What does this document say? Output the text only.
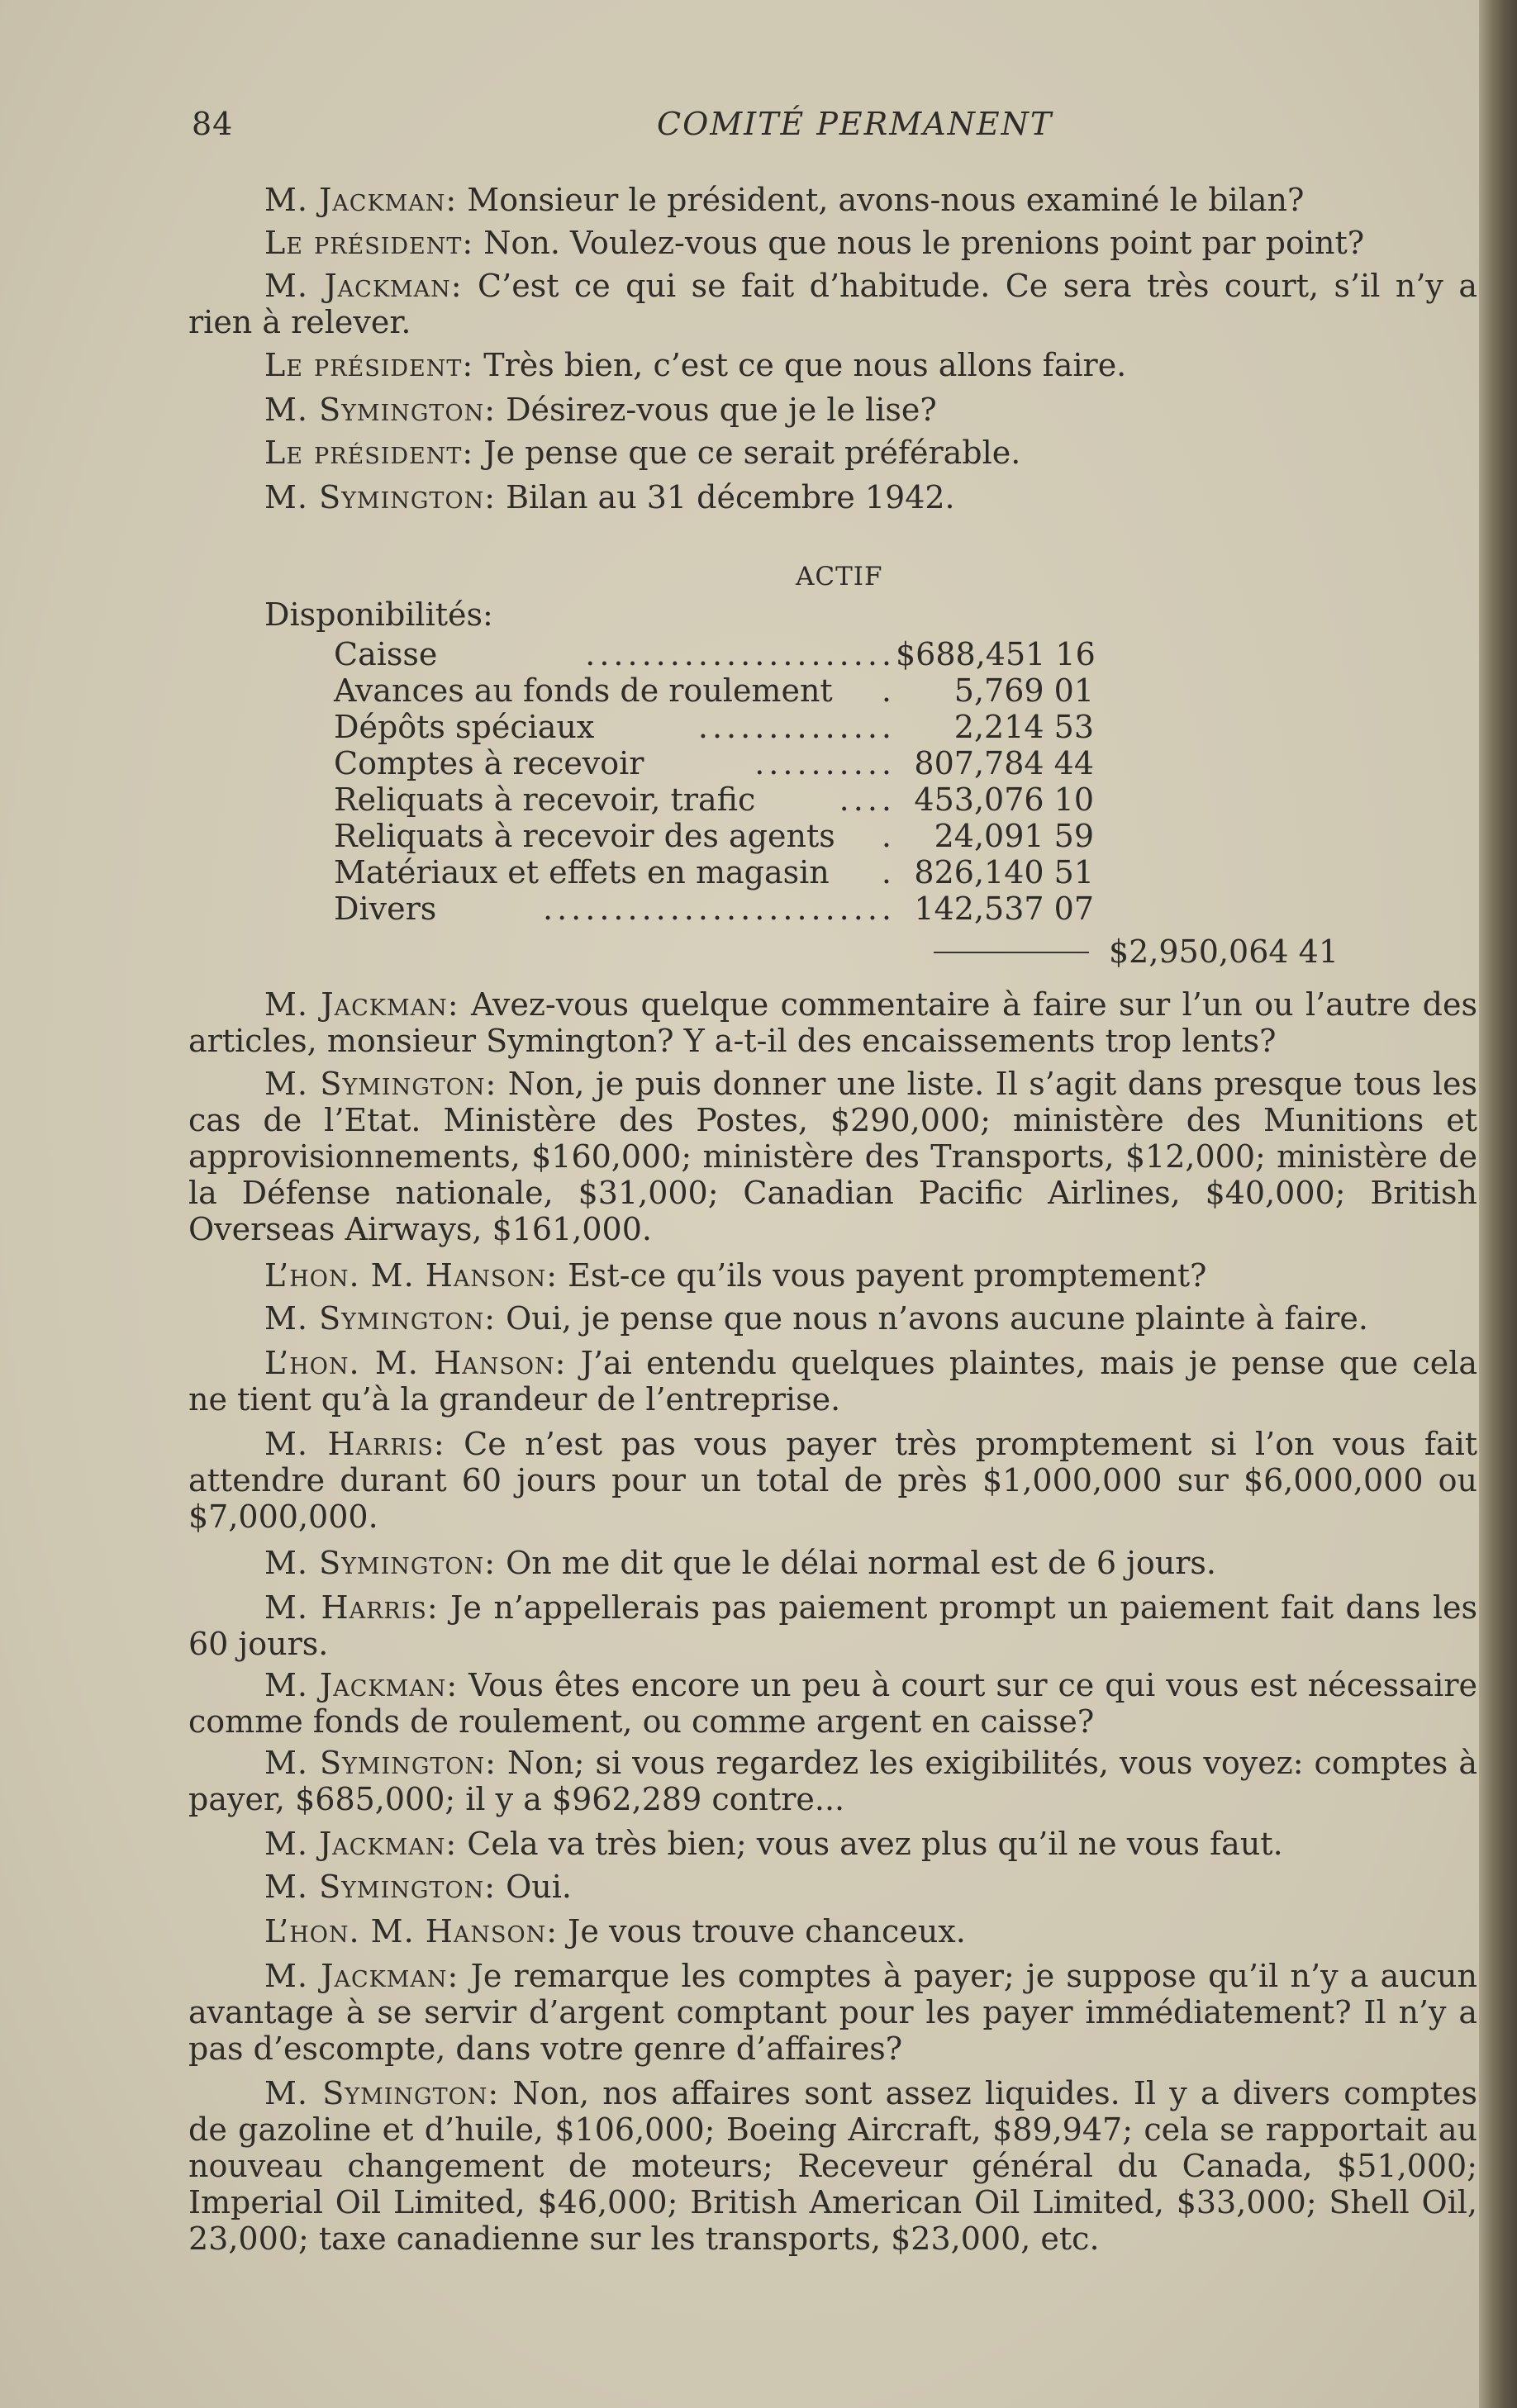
84	COMITÉ PERMANENT

M. Jackman: Monsieur le président, avons-nous examiné le bilan?

Le président: Non. Voulez-vous que nous le prenions point par point?

M. Jackman: C’est ce qui se fait d’habitude. Ce sera très court, s’il n’y a rien à relever.

Le président: Très bien, c’est ce que nous allons faire.

M. Symington: Désirez-vous que je le lise?

Le président: Je pense que ce serait préférable.

M. Symington: Bilan au 31 décembre 1942.

ACTIF
Disponibilités:
Caisse	...................... $688,451 16
Avances au fonds de roulement .	5,769 01
Dépôts spéciaux	..............	2,214 53
Comptes à recevoir	.......... 807,784 44
Reliquats à recevoir, trafic	.... 453,076 10
Reliquats à recevoir des agents .	24,091 59
Matériaux et effets en magasin . 826,140 51
Divers	......................... 142,537 07
$2,950,064 41

M. Jackman: Avez-vous quelque commentaire à faire sur l’un ou l’autre des articles, monsieur Symington? Y a-t-il des encaissements trop lents?

M. Symington: Non, je puis donner une liste. Il s’agit dans presque tous les cas de l’Etat. Ministère des Postes, $290,000; ministère des Munitions et approvisionnements, $160,000; ministère des Transports, $12,000; ministère de la Défense nationale, $31,000; Canadian Pacific Airlines, $40,000; British Overseas Airways, $161,000.

L’hon. M. Hanson: Est-ce qu’ils vous payent promptement?

M. Symington: Oui, je pense que nous n’avons aucune plainte à faire.

L’hon. M. Hanson: J’ai entendu quelques plaintes, mais je pense que cela ne tient qu’à la grandeur de l’entreprise.

M. Harris: Ce n’est pas vous payer très promptement si l’on vous fait attendre durant 60 jours pour un total de près $1,000,000 sur $6,000,000 ou $7,000,000.

M. Symington: On me dit que le délai normal est de 6 jours.

M. Harris: Je n’appellerais pas paiement prompt un paiement fait dans les 60 jours.

M. Jackman: Vous êtes encore un peu à court sur ce qui vous est nécessaire comme fonds de roulement, ou comme argent en caisse?

M. Symington: Non; si vous regardez les exigibilités, vous voyez: comptes à payer, $685,000; il y a $962,289 contre...

M. Jackman: Cela va très bien; vous avez plus qu’il ne vous faut.

M. Symington: Oui.

L’hon. M. Hanson: Je vous trouve chanceux.

M. Jackman: Je remarque les comptes à payer; je suppose qu’il n’y a aucun avantage à se servir d’argent comptant pour les payer immédiatement? Il n’y a pas d’escompte, dans votre genre d’affaires?

M. Symington: Non, nos affaires sont assez liquides. Il y a divers comptes de gazoline et d’huile, $106,000; Boeing Aircraft, $89,947; cela se rapportait au nouveau changement de moteurs; Receveur général du Canada, $51,000; Imperial Oil Limited, $46,000; British American Oil Limited, $33,000; Shell Oil, 23,000; taxe canadienne sur les transports, $23,000, etc.
